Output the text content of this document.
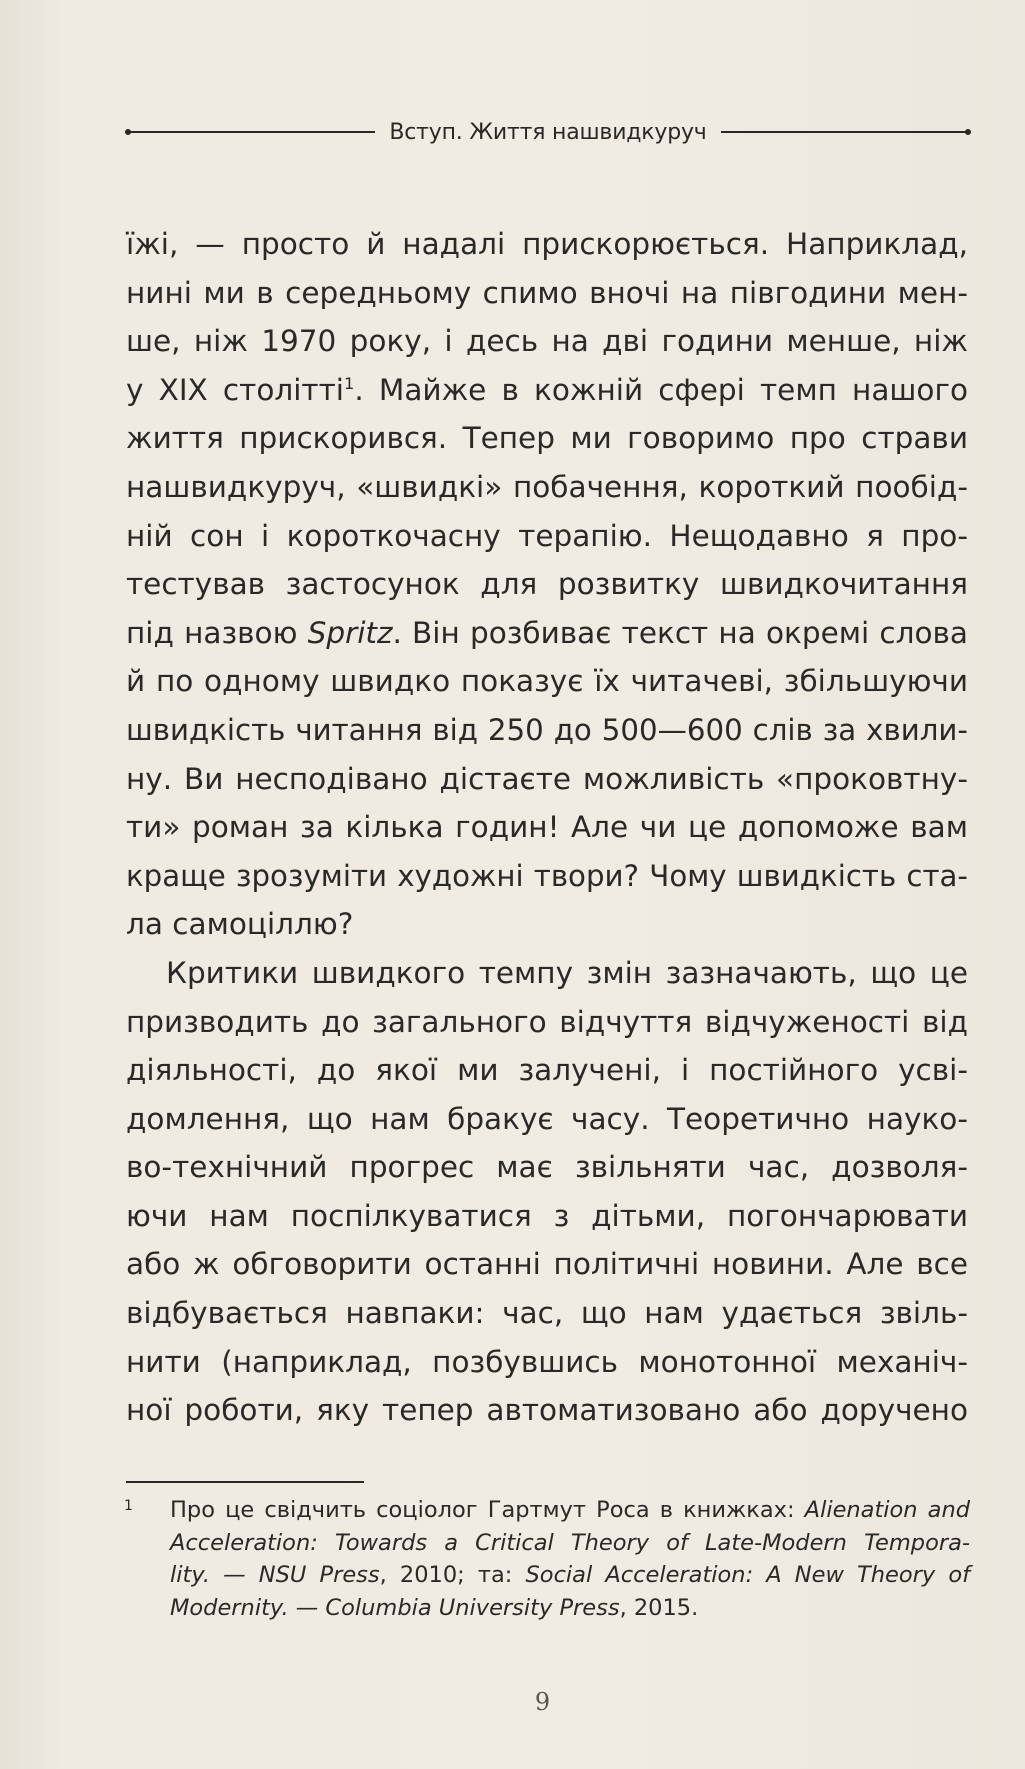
Вступ. Життя нашвидкуруч
їжі, — просто й надалі прискорюється. Наприклад,
нині ми в середньому спимо вночі на півгодини мен-
ше, ніж 1970 року, і десь на дві години менше, ніж
у XIX столітті$^1$. Майже в кожній сфері темп нашого
життя прискорився. Тепер ми говоримо про страви
нашвидкуруч, «швидкі» побачення, короткий пообід-
ній сон і короткочасну терапію. Нещодавно я про-
тестував застосунок для розвитку швидкочитання
під назвою Spritz. Він розбиває текст на окремі слова
й по одному швидко показує їх читачеві, збільшуючи
швидкість читання від 250 до 500—600 слів за хвили-
ну. Ви несподівано дістаєте можливість «проковтну-
ти» роман за кілька годин! Але чи це допоможе вам
краще зрозуміти художні твори? Чому швидкість ста-
ла самоціллю?
Критики швидкого темпу змін зазначають, що це
призводить до загального відчуття відчуженості від
діяльності, до якої ми залучені, і постійного усві-
домлення, що нам бракує часу. Теоретично науко-
во-технічний прогрес має звільняти час, дозволя-
ючи нам поспілкуватися з дітьми, погончарювати
або ж обговорити останні політичні новини. Але все
відбувається навпаки: час, що нам удається звіль-
нити (наприклад, позбувшись монотонної механіч-
ної роботи, яку тепер автоматизовано або доручено
1 Про це свідчить соціолог Гартмут Роса в книжках: Alienation and
Acceleration: Towards a Critical Theory of Late-Modern Tempora-
lity. — NSU Press, 2010; та: Social Acceleration: A New Theory of
Modernity. — Columbia University Press, 2015.
9
